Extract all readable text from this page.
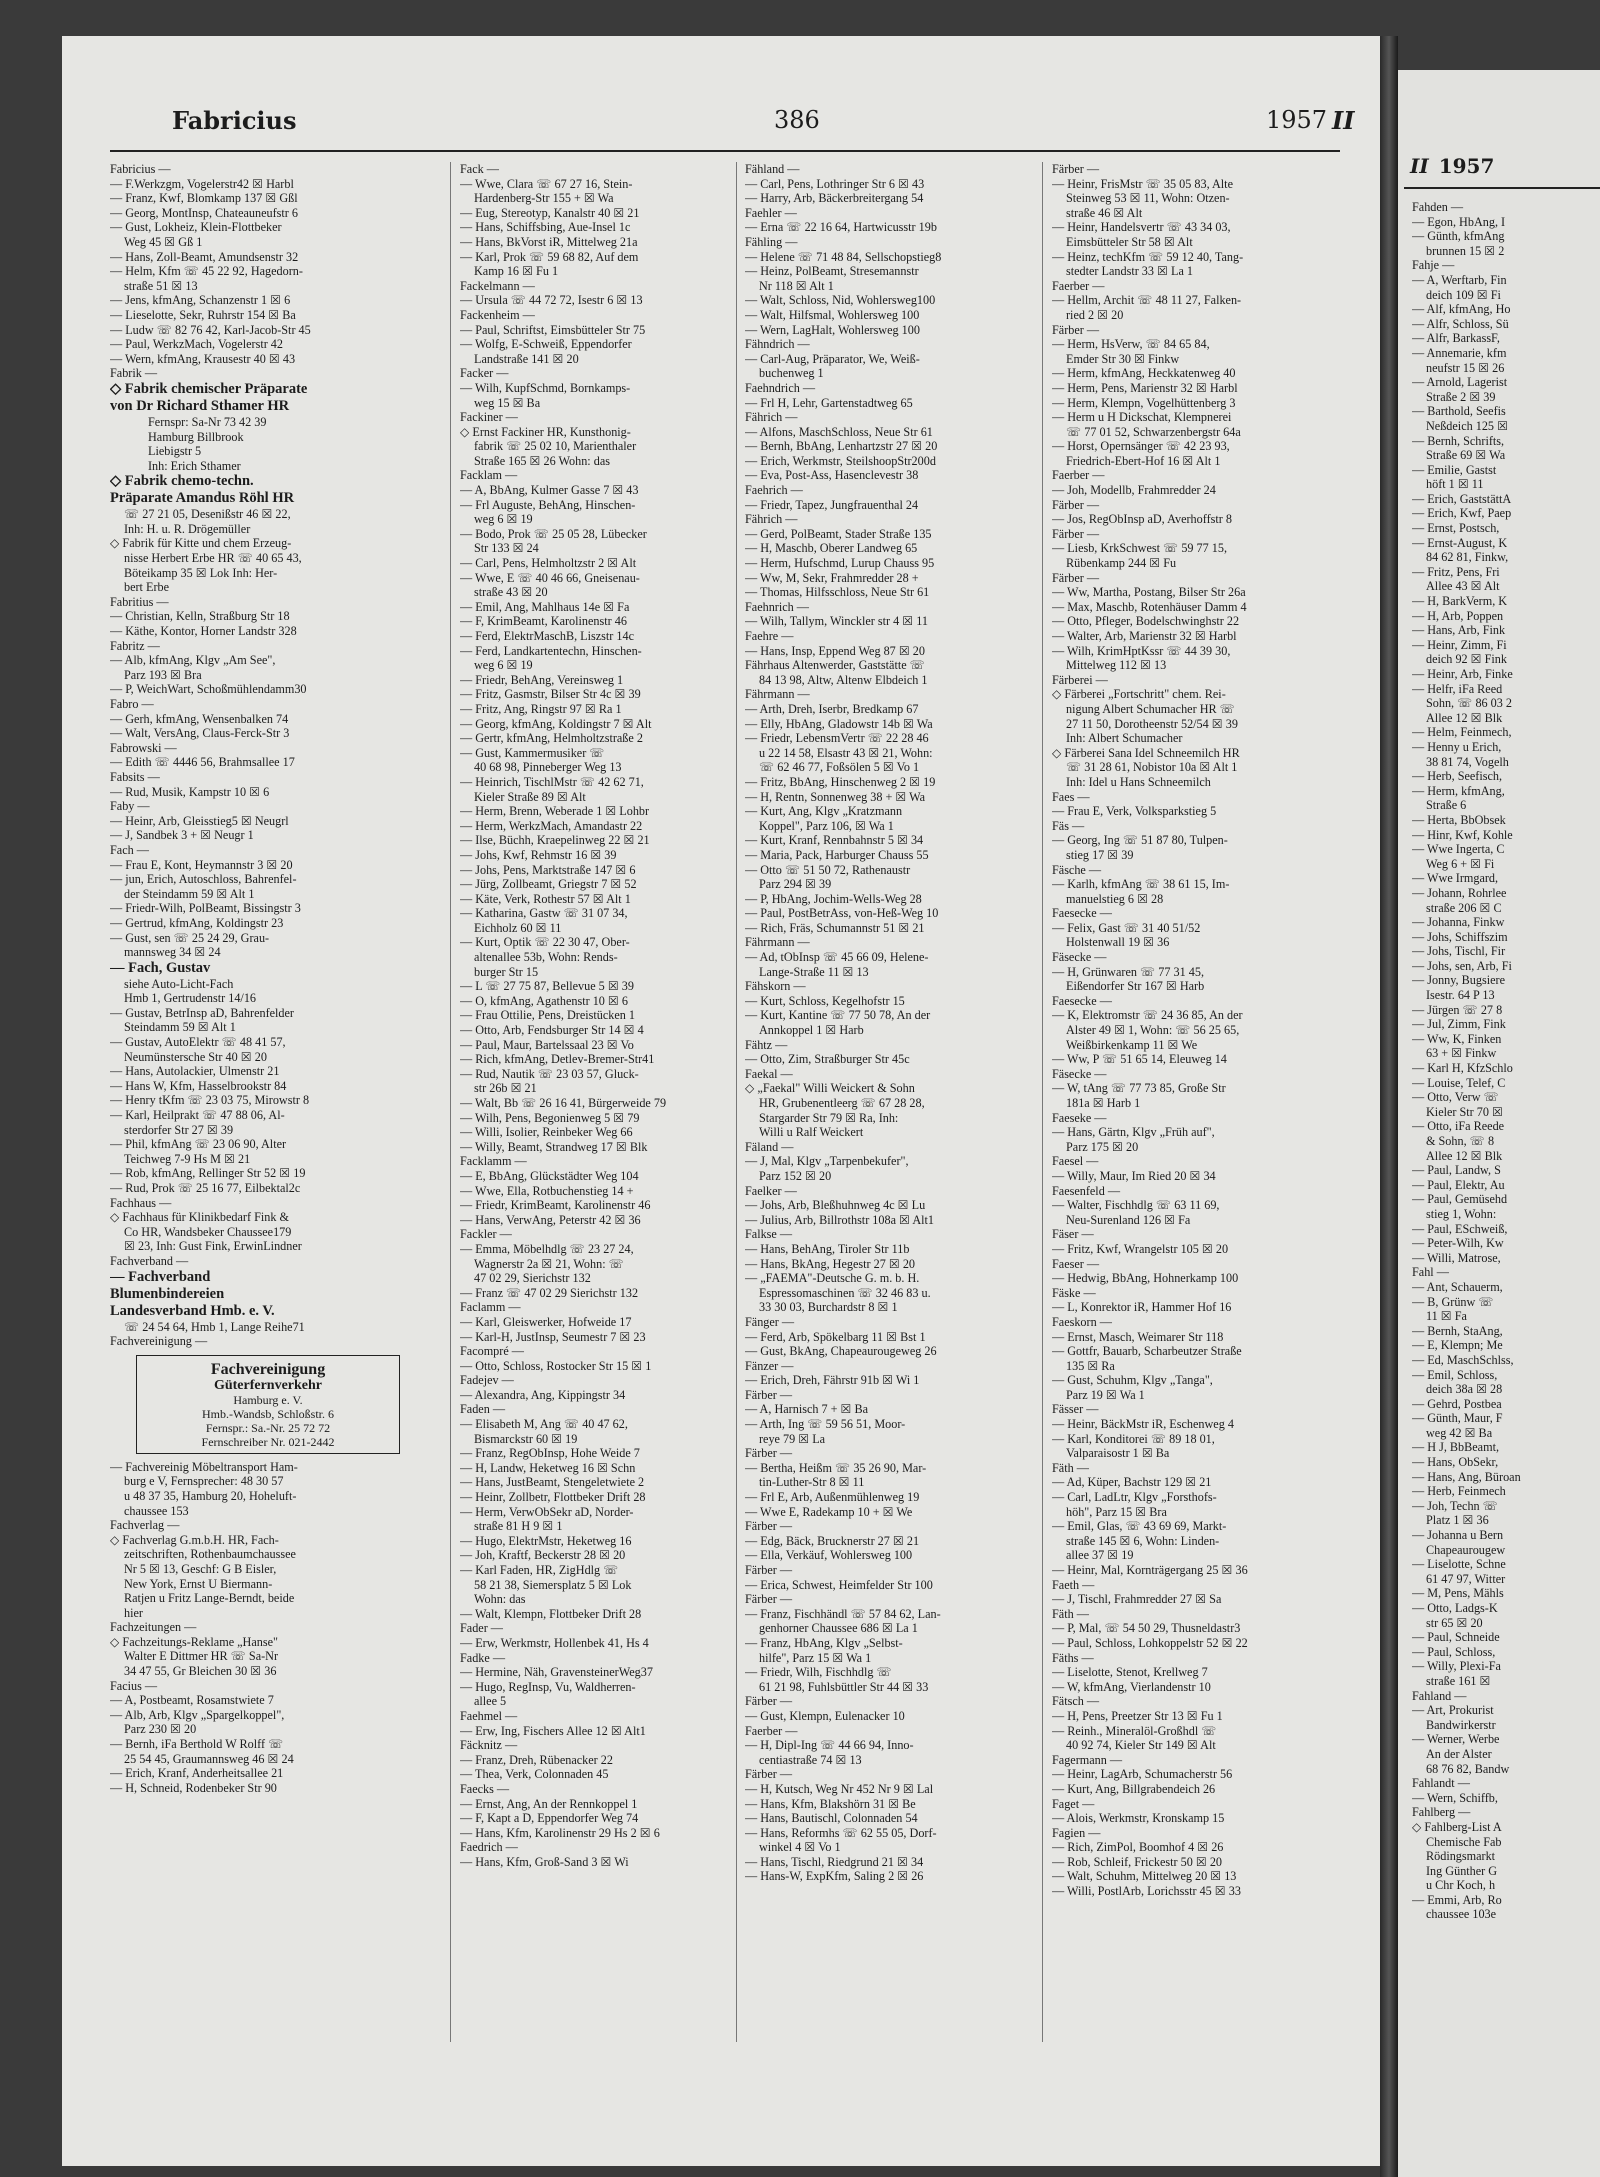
II 1957

Fahden —

— Egon, HbAng, I

— Günth, kfmAng

brunnen 15 ☒ 2

Fahje —

— A, Werftarb, Fin

deich 109 ☒ Fi

— Alf, kfmAng, Ho

— Alfr, Schloss, Sü

— Alfr, BarkassF,

— Annemarie, kfm

neufstr 15 ☒ 26

— Arnold, Lagerist

Straße 2 ☒ 39

— Barthold, Seefis

Neßdeich 125 ☒

— Bernh, Schrifts,

Straße 69 ☒ Wa

— Emilie, Gastst

höft 1 ☒ 11

— Erich, GaststättA

— Erich, Kwf, Paep

— Ernst, Postsch,

— Ernst-August, K

84 62 81, Finkw,

— Fritz, Pens, Fri

Allee 43 ☒ Alt

— H, BarkVerm, K

— H, Arb, Poppen

— Hans, Arb, Fink

— Heinr, Zimm, Fi

deich 92 ☒ Fink

— Heinr, Arb, Finke

— Helfr, iFa Reed

Sohn, ☏ 86 03 2

Allee 12 ☒ Blk

— Helm, Feinmech,

— Henny u Erich,

38 81 74, Vogelh

— Herb, Seefisch,

— Herm, kfmAng,

Straße 6

— Herta, BbObsek

— Hinr, Kwf, Kohle

— Wwe Ingerta, C

Weg 6 + ☒ Fi

— Wwe Irmgard,

— Johann, Rohrlee

straße 206 ☒ C

— Johanna, Finkw

— Johs, Schiffszim

— Johs, Tischl, Fir

— Johs, sen, Arb, Fi

— Jonny, Bugsiere

Isestr. 64 P 13

— Jürgen ☏ 27 8

— Jul, Zimm, Fink

— Ww, K, Finken

63 + ☒ Finkw

— Karl H, KfzSchlo

— Louise, Telef, C

— Otto, Verw ☏

Kieler Str 70 ☒

— Otto, iFa Reede

& Sohn, ☏ 8

Allee 12 ☒ Blk

— Paul, Landw, S

— Paul, Elektr, Au

— Paul, Gemüsehd

stieg 1, Wohn:

— Paul, ESchweiß,

— Peter-Wilh, Kw

— Willi, Matrose,

Fahl —

— Ant, Schauerm,

— B, Grünw ☏

11 ☒ Fa

— Bernh, StaAng,

— E, Klempn; Me

— Ed, MaschSchlss,

— Emil, Schloss,

deich 38a ☒ 28

— Gehrd, Postbea

— Günth, Maur, F

weg 42 ☒ Ba

— H J, BbBeamt,

— Hans, ObSekr,

— Hans, Ang, Büroan

— Herb, Feinmech

— Joh, Techn ☏

Platz 1 ☒ 36

— Johanna u Bern

Chapeaurougew

— Liselotte, Schne

61 47 97, Witter

— M, Pens, Mähls

— Otto, Ladgs-K

str 65 ☒ 20

— Paul, Schneide

— Paul, Schloss,

— Willy, Plexi-Fa

straße 161 ☒

Fahland —

— Art, Prokurist

Bandwirkerstr

— Werner, Werbe

An der Alster

68 76 82, Bandw

Fahlandt —

— Wern, Schiffb,

Fahlberg —

◇ Fahlberg-List A

Chemische Fab

Rödingsmarkt

Ing Günther G

u Chr Koch, h

— Emmi, Arb, Ro

chaussee 103e

Fabricius	386	1957 II

Fabricius —

— F.Werkzgm, Vogelerstr42 ☒ Harbl

— Franz, Kwf, Blomkamp 137 ☒ Gßl

— Georg, MontInsp, Chateauneufstr 6

— Gust, Lokheiz, Klein-Flottbeker

Weg 45 ☒ Gß 1

— Hans, Zoll-Beamt, Amundsenstr 32

— Helm, Kfm ☏ 45 22 92, Hagedorn-

straße 51 ☒ 13

— Jens, kfmAng, Schanzenstr 1 ☒ 6

— Lieselotte, Sekr, Ruhrstr 154 ☒ Ba

— Ludw ☏ 82 76 42, Karl-Jacob-Str 45

— Paul, WerkzMach, Vogelerstr 42

— Wern, kfmAng, Krausestr 40 ☒ 43

Fabrik —

◇ Fabrik chemischer Präparate

von Dr Richard Sthamer HR

Fernspr: Sa-Nr 73 42 39

Hamburg Billbrook

Liebigstr 5

Inh: Erich Sthamer

◇ Fabrik chemo-techn.

Präparate Amandus Röhl HR

☏ 27 21 05, Desenißstr 46 ☒ 22,

Inh: H. u. R. Drögemüller

◇ Fabrik für Kitte und chem Erzeug-

nisse Herbert Erbe HR ☏ 40 65 43,

Böteikamp 35 ☒ Lok Inh: Her-

bert Erbe

Fabritius —

— Christian, Kelln, Straßburg Str 18

— Käthe, Kontor, Horner Landstr 328

Fabritz —

— Alb, kfmAng, Klgv „Am See",

Parz 193 ☒ Bra

— P, WeichWart, Schoßmühlendamm30

Fabro —

— Gerh, kfmAng, Wensenbalken 74

— Walt, VersAng, Claus-Ferck-Str 3

Fabrowski —

— Edith ☏ 4446 56, Brahmsallee 17

Fabsits —

— Rud, Musik, Kampstr 10 ☒ 6

Faby —

— Heinr, Arb, Gleisstieg5 ☒ Neugrl

— J, Sandbek 3 + ☒ Neugr 1

Fach —

— Frau E, Kont, Heymannstr 3 ☒ 20

— jun, Erich, Autoschloss, Bahrenfel-

der Steindamm 59 ☒ Alt 1

— Friedr-Wilh, PolBeamt, Bissingstr 3

— Gertrud, kfmAng, Koldingstr 23

— Gust, sen ☏ 25 24 29, Grau-

mannsweg 34 ☒ 24

— Fach, Gustav

siehe Auto-Licht-Fach

Hmb 1, Gertrudenstr 14/16

— Gustav, BetrInsp aD, Bahrenfelder

Steindamm 59 ☒ Alt 1

— Gustav, AutoElektr ☏ 48 41 57,

Neumünstersche Str 40 ☒ 20

— Hans, Autolackier, Ulmenstr 21

— Hans W, Kfm, Hasselbrookstr 84

— Henry tKfm ☏ 23 03 75, Mirowstr 8

— Karl, Heilprakt ☏ 47 88 06, Al-

sterdorfer Str 27 ☒ 39

— Phil, kfmAng ☏ 23 06 90, Alter

Teichweg 7-9 Hs M ☒ 21

— Rob, kfmAng, Rellinger Str 52 ☒ 19

— Rud, Prok ☏ 25 16 77, Eilbektal2c

Fachhaus —

◇ Fachhaus für Klinikbedarf Fink &

Co HR, Wandsbeker Chaussee179

☒ 23, Inh: Gust Fink, ErwinLindner

Fachverband —

— Fachverband

Blumenbindereien

Landesverband Hmb. e. V.

☏ 24 54 64, Hmb 1, Lange Reihe71

Fachvereinigung —

Fachvereinigung
Güterfernverkehr
Hamburg e. V.
Hmb.-Wandsb, Schloßstr. 6
Fernspr.: Sa.-Nr. 25 72 72
Fernschreiber Nr. 021-2442

— Fachvereinig Möbeltransport Ham-

burg e V, Fernsprecher: 48 30 57

u 48 37 35, Hamburg 20, Hoheluft-

chaussee 153

Fachverlag —

◇ Fachverlag G.m.b.H. HR, Fach-

zeitschriften, Rothenbaumchaussee

Nr 5 ☒ 13, Geschf: G B Eisler,

New York, Ernst U Biermann-

Ratjen u Fritz Lange-Berndt, beide

hier

Fachzeitungen —

◇ Fachzeitungs-Reklame „Hanse"

Walter E Dittmer HR ☏ Sa-Nr

34 47 55, Gr Bleichen 30 ☒ 36

Facius —

— A, Postbeamt, Rosamstwiete 7

— Alb, Arb, Klgv „Spargelkoppel",

Parz 230 ☒ 20

— Bernh, iFa Berthold W Rolff ☏

25 54 45, Graumannsweg 46 ☒ 24

— Erich, Kranf, Anderheitsallee 21

— H, Schneid, Rodenbeker Str 90

Fack —

— Wwe, Clara ☏ 67 27 16, Stein-

Hardenberg-Str 155 + ☒ Wa

— Eug, Stereotyp, Kanalstr 40 ☒ 21

— Hans, Schiffsbing, Aue-Insel 1c

— Hans, BkVorst iR, Mittelweg 21a

— Karl, Prok ☏ 59 68 82, Auf dem

Kamp 16 ☒ Fu 1

Fackelmann —

— Ursula ☏ 44 72 72, Isestr 6 ☒ 13

Fackenheim —

— Paul, Schriftst, Eimsbütteler Str 75

— Wolfg, E-Schweiß, Eppendorfer

Landstraße 141 ☒ 20

Facker —

— Wilh, KupfSchmd, Bornkamps-

weg 15 ☒ Ba

Fackiner —

◇ Ernst Fackiner HR, Kunsthonig-

fabrik ☏ 25 02 10, Marienthaler

Straße 165 ☒ 26 Wohn: das

Facklam —

— A, BbAng, Kulmer Gasse 7 ☒ 43

— Frl Auguste, BehAng, Hinschen-

weg 6 ☒ 19

— Bodo, Prok ☏ 25 05 28, Lübecker

Str 133 ☒ 24

— Carl, Pens, Helmholtzstr 2 ☒ Alt

— Wwe, E ☏ 40 46 66, Gneisenau-

straße 43 ☒ 20

— Emil, Ang, Mahlhaus 14e ☒ Fa

— F, KrimBeamt, Karolinenstr 46

— Ferd, ElektrMaschB, Liszstr 14c

— Ferd, Landkartentechn, Hinschen-

weg 6 ☒ 19

— Friedr, BehAng, Vereinsweg 1

— Fritz, Gasmstr, Bilser Str 4c ☒ 39

— Fritz, Ang, Ringstr 97 ☒ Ra 1

— Georg, kfmAng, Koldingstr 7 ☒ Alt

— Gertr, kfmAng, Helmholtzstraße 2

— Gust, Kammermusiker ☏

40 68 98, Pinneberger Weg 13

— Heinrich, TischlMstr ☏ 42 62 71,

Kieler Straße 89 ☒ Alt

— Herm, Brenn, Weberade 1 ☒ Lohbr

— Herm, WerkzMach, Amandastr 22

— Ilse, Büchh, Kraepelinweg 22 ☒ 21

— Johs, Kwf, Rehmstr 16 ☒ 39

— Johs, Pens, Marktstraße 147 ☒ 6

— Jürg, Zollbeamt, Griegstr 7 ☒ 52

— Käte, Verk, Rothestr 57 ☒ Alt 1

— Katharina, Gastw ☏ 31 07 34,

Eichholz 60 ☒ 11

— Kurt, Optik ☏ 22 30 47, Ober-

altenallee 53b, Wohn: Rends-

burger Str 15

— L ☏ 27 75 87, Bellevue 5 ☒ 39

— O, kfmAng, Agathenstr 10 ☒ 6

— Frau Ottilie, Pens, Dreistücken 1

— Otto, Arb, Fendsburger Str 14 ☒ 4

— Paul, Maur, Bartelssaal 23 ☒ Vo

— Rich, kfmAng, Detlev-Bremer-Str41

— Rud, Nautik ☏ 23 03 57, Gluck-

str 26b ☒ 21

— Walt, Bb ☏ 26 16 41, Bürgerweide 79

— Wilh, Pens, Begonienweg 5 ☒ 79

— Willi, Isolier, Reinbeker Weg 66

— Willy, Beamt, Strandweg 17 ☒ Blk

Facklamm —

— E, BbAng, Glückstädter Weg 104

— Wwe, Ella, Rotbuchenstieg 14 +

— Friedr, KrimBeamt, Karolinenstr 46

— Hans, VerwAng, Peterstr 42 ☒ 36

Fackler —

— Emma, Möbelhdlg ☏ 23 27 24,

Wagnerstr 2a ☒ 21, Wohn: ☏

47 02 29, Sierichstr 132

— Franz ☏ 47 02 29 Sierichstr 132

Faclamm —

— Karl, Gleiswerker, Hofweide 17

— Karl-H, JustInsp, Seumestr 7 ☒ 23

Facompré —

— Otto, Schloss, Rostocker Str 15 ☒ 1

Fadejev —

— Alexandra, Ang, Kippingstr 34

Faden —

— Elisabeth M, Ang ☏ 40 47 62,

Bismarckstr 60 ☒ 19

— Franz, RegObInsp, Hohe Weide 7

— H, Landw, Heketweg 16 ☒ Schn

— Hans, JustBeamt, Stengeletwiete 2

— Heinr, Zollbetr, Flottbeker Drift 28

— Herm, VerwObSekr aD, Norder-

straße 81 H 9 ☒ 1

— Hugo, ElektrMstr, Heketweg 16

— Joh, Kraftf, Beckerstr 28 ☒ 20

— Karl Faden, HR, ZigHdlg ☏

58 21 38, Siemersplatz 5 ☒ Lok

Wohn: das

— Walt, Klempn, Flottbeker Drift 28

Fader —

— Erw, Werkmstr, Hollenbek 41, Hs 4

Fadke —

— Hermine, Näh, GravensteinerWeg37

— Hugo, RegInsp, Vu, Waldherren-

allee 5

Faehmel —

— Erw, Ing, Fischers Allee 12 ☒ Alt1

Fäcknitz —

— Franz, Dreh, Rübenacker 22

— Thea, Verk, Colonnaden 45

Faecks —

— Ernst, Ang, An der Rennkoppel 1

— F, Kapt a D, Eppendorfer Weg 74

— Hans, Kfm, Karolinenstr 29 Hs 2 ☒ 6

Faedrich —

— Hans, Kfm, Groß-Sand 3 ☒ Wi

Fähland —

— Carl, Pens, Lothringer Str 6 ☒ 43

— Harry, Arb, Bäckerbreitergang 54

Faehler —

— Erna ☏ 22 16 64, Hartwicusstr 19b

Fähling —

— Helene ☏ 71 48 84, Sellschopstieg8

— Heinz, PolBeamt, Stresemannstr

Nr 118 ☒ Alt 1

— Walt, Schloss, Nid, Wohlersweg100

— Walt, Hilfsmal, Wohlersweg 100

— Wern, LagHalt, Wohlersweg 100

Fähndrich —

— Carl-Aug, Präparator, We, Weiß-

buchenweg 1

Faehndrich —

— Frl H, Lehr, Gartenstadtweg 65

Fährich —

— Alfons, MaschSchloss, Neue Str 61

— Bernh, BbAng, Lenhartzstr 27 ☒ 20

— Erich, Werkmstr, SteilshoopStr200d

— Eva, Post-Ass, Hasenclevestr 38

Faehrich —

— Friedr, Tapez, Jungfrauenthal 24

Fährich —

— Gerd, PolBeamt, Stader Straße 135

— H, Maschb, Oberer Landweg 65

— Herm, Hufschmd, Lurup Chauss 95

— Ww, M, Sekr, Frahmredder 28 +

— Thomas, Hilfsschloss, Neue Str 61

Faehnrich —

— Wilh, Tallym, Winckler str 4 ☒ 11

Faehre —

— Hans, Insp, Eppend Weg 87 ☒ 20

Fährhaus Altenwerder, Gaststätte ☏

84 13 98, Altw, Altenw Elbdeich 1

Fährmann —

— Arth, Dreh, Iserbr, Bredkamp 67

— Elly, HbAng, Gladowstr 14b ☒ Wa

— Friedr, LebensmVertr ☏ 22 28 46

u 22 14 58, Elsastr 43 ☒ 21, Wohn:

☏ 62 46 77, Foßsölen 5 ☒ Vo 1

— Fritz, BbAng, Hinschenweg 2 ☒ 19

— H, Rentn, Sonnenweg 38 + ☒ Wa

— Kurt, Ang, Klgv „Kratzmann

Koppel", Parz 106, ☒ Wa 1

— Kurt, Kranf, Rennbahnstr 5 ☒ 34

— Maria, Pack, Harburger Chauss 55

— Otto ☏ 51 50 72, Rathenaustr

Parz 294 ☒ 39

— P, HbAng, Jochim-Wells-Weg 28

— Paul, PostBetrAss, von-Heß-Weg 10

— Rich, Fräs, Schumannstr 51 ☒ 21

Fährmann —

— Ad, tObInsp ☏ 45 66 09, Helene-

Lange-Straße 11 ☒ 13

Fähskorn —

— Kurt, Schloss, Kegelhofstr 15

— Kurt, Kantine ☏ 77 50 78, An der

Annkoppel 1 ☒ Harb

Fähtz —

— Otto, Zim, Straßburger Str 45c

Faekal —

◇ „Faekal" Willi Weickert & Sohn

HR, Grubenentleerg ☏ 67 28 28,

Stargarder Str 79 ☒ Ra, Inh:

Willi u Ralf Weickert

Fäland —

— J, Mal, Klgv „Tarpenbekufer",

Parz 152 ☒ 20

Faelker —

— Johs, Arb, Bleßhuhnweg 4c ☒ Lu

— Julius, Arb, Billrothstr 108a ☒ Alt1

Falkse —

— Hans, BehAng, Tiroler Str 11b

— Hans, BkAng, Hegestr 27 ☒ 20

— „FAEMA"-Deutsche G. m. b. H.

Espressomaschinen ☏ 32 46 83 u.

33 30 03, Burchardstr 8 ☒ 1

Fänger —

— Ferd, Arb, Spökelbarg 11 ☒ Bst 1

— Gust, BkAng, Chapeaurougeweg 26

Fänzer —

— Erich, Dreh, Fährstr 91b ☒ Wi 1

Färber —

— A, Harnisch 7 + ☒ Ba

— Arth, Ing ☏ 59 56 51, Moor-

reye 79 ☒ La

Färber —

— Bertha, Heißm ☏ 35 26 90, Mar-

tin-Luther-Str 8 ☒ 11

— Frl E, Arb, Außenmühlenweg 19

— Wwe E, Radekamp 10 + ☒ We

Färber —

— Edg, Bäck, Brucknerstr 27 ☒ 21

— Ella, Verkäuf, Wohlersweg 100

Färber —

— Erica, Schwest, Heimfelder Str 100

Färber —

— Franz, Fischhändl ☏ 57 84 62, Lan-

genhorner Chaussee 686 ☒ La 1

— Franz, HbAng, Klgv „Selbst-

hilfe", Parz 15 ☒ Wa 1

— Friedr, Wilh, Fischhdlg ☏

61 21 98, Fuhlsbüttler Str 44 ☒ 33

Färber —

— Gust, Klempn, Eulenacker 10

Faerber —

— H, Dipl-Ing ☏ 44 66 94, Inno-

centiastraße 74 ☒ 13

Färber —

— H, Kutsch, Weg Nr 452 Nr 9 ☒ Lal

— Hans, Kfm, Blakshörn 31 ☒ Be

— Hans, Bautischl, Colonnaden 54

— Hans, Reformhs ☏ 62 55 05, Dorf-

winkel 4 ☒ Vo 1

— Hans, Tischl, Riedgrund 21 ☒ 34

— Hans-W, ExpKfm, Saling 2 ☒ 26

Färber —

— Heinr, FrisMstr ☏ 35 05 83, Alte

Steinweg 53 ☒ 11, Wohn: Otzen-

straße 46 ☒ Alt

— Heinr, Handelsvertr ☏ 43 34 03,

Eimsbütteler Str 58 ☒ Alt

— Heinz, techKfm ☏ 59 12 40, Tang-

stedter Landstr 33 ☒ La 1

Faerber —

— Hellm, Archit ☏ 48 11 27, Falken-

ried 2 ☒ 20

Färber —

— Herm, HsVerw, ☏ 84 65 84,

Emder Str 30 ☒ Finkw

— Herm, kfmAng, Heckkatenweg 40

— Herm, Pens, Marienstr 32 ☒ Harbl

— Herm, Klempn, Vogelhüttenberg 3

— Herm u H Dickschat, Klempnerei

☏ 77 01 52, Schwarzenbergstr 64a

— Horst, Opernsänger ☏ 42 23 93,

Friedrich-Ebert-Hof 16 ☒ Alt 1

Faerber —

— Joh, Modellb, Frahmredder 24

Färber —

— Jos, RegObInsp aD, Averhoffstr 8

Färber —

— Liesb, KrkSchwest ☏ 59 77 15,

Rübenkamp 244 ☒ Fu

Färber —

— Ww, Martha, Postang, Bilser Str 26a

— Max, Maschb, Rotenhäuser Damm 4

— Otto, Pfleger, Bodelschwinghstr 22

— Walter, Arb, Marienstr 32 ☒ Harbl

— Wilh, KrimHptKssr ☏ 44 39 30,

Mittelweg 112 ☒ 13

Färberei —

◇ Färberei „Fortschritt" chem. Rei-

nigung Albert Schumacher HR ☏

27 11 50, Dorotheenstr 52/54 ☒ 39

Inh: Albert Schumacher

◇ Färberei Sana Idel Schneemilch HR

☏ 31 28 61, Nobistor 10a ☒ Alt 1

Inh: Idel u Hans Schneemilch

Faes —

— Frau E, Verk, Volksparkstieg 5

Fäs —

— Georg, Ing ☏ 51 87 80, Tulpen-

stieg 17 ☒ 39

Fäsche —

— Karlh, kfmAng ☏ 38 61 15, Im-

manuelstieg 6 ☒ 28

Faesecke —

— Felix, Gast ☏ 31 40 51/52

Holstenwall 19 ☒ 36

Fäsecke —

— H, Grünwaren ☏ 77 31 45,

Eißendorfer Str 167 ☒ Harb

Faesecke —

— K, Elektromstr ☏ 24 36 85, An der

Alster 49 ☒ 1, Wohn: ☏ 56 25 65,

Weißbirkenkamp 11 ☒ We

— Ww, P ☏ 51 65 14, Eleuweg 14

Fäsecke —

— W, tAng ☏ 77 73 85, Große Str

181a ☒ Harb 1

Faeseke —

— Hans, Gärtn, Klgv „Früh auf",

Parz 175 ☒ 20

Faesel —

— Willy, Maur, Im Ried 20 ☒ 34

Faesenfeld —

— Walter, Fischhdlg ☏ 63 11 69,

Neu-Surenland 126 ☒ Fa

Fäser —

— Fritz, Kwf, Wrangelstr 105 ☒ 20

Faeser —

— Hedwig, BbAng, Hohnerkamp 100

Fäske —

— L, Konrektor iR, Hammer Hof 16

Faeskorn —

— Ernst, Masch, Weimarer Str 118

— Gottfr, Bauarb, Scharbeutzer Straße

135 ☒ Ra

— Gust, Schuhm, Klgv „Tanga",

Parz 19 ☒ Wa 1

Fässer —

— Heinr, BäckMstr iR, Eschenweg 4

— Karl, Konditorei ☏ 89 18 01,

Valparaisostr 1 ☒ Ba

Fäth —

— Ad, Küper, Bachstr 129 ☒ 21

— Carl, LadLtr, Klgv „Forsthofs-

höh", Parz 15 ☒ Bra

— Emil, Glas, ☏ 43 69 69, Markt-

straße 145 ☒ 6, Wohn: Linden-

allee 37 ☒ 19

— Heinr, Mal, Kornträgergang 25 ☒ 36

Faeth —

— J, Tischl, Frahmredder 27 ☒ Sa

Fäth —

— P, Mal, ☏ 54 50 29, Thusneldastr3

— Paul, Schloss, Lohkoppelstr 52 ☒ 22

Fäths —

— Liselotte, Stenot, Krellweg 7

— W, kfmAng, Vierlandenstr 10

Fätsch —

— H, Pens, Preetzer Str 13 ☒ Fu 1

— Reinh., Mineralöl-Großhdl ☏

40 92 74, Kieler Str 149 ☒ Alt

Fagermann —

— Heinr, LagArb, Schumacherstr 56

— Kurt, Ang, Billgrabendeich 26

Faget —

— Alois, Werkmstr, Kronskamp 15

Fagien —

— Rich, ZimPol, Boomhof 4 ☒ 26

— Rob, Schleif, Frickestr 50 ☒ 20

— Walt, Schuhm, Mittelweg 20 ☒ 13

— Willi, PostlArb, Lorichsstr 45 ☒ 33
